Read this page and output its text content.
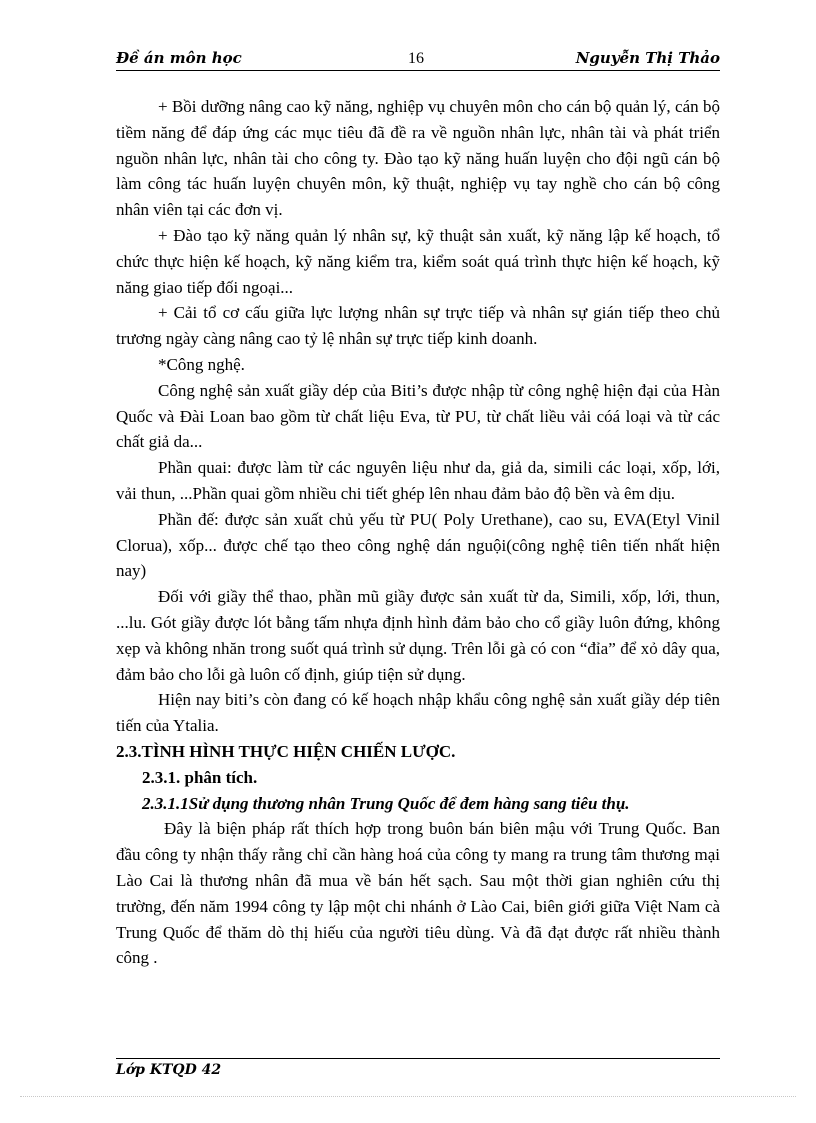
Đề án môn học	16	Nguyễn Thị Thảo

+ Bồi dưỡng nâng cao kỹ năng, nghiệp vụ chuyên môn cho cán bộ quản lý, cán bộ tiềm năng để đáp ứng các mục tiêu đã đề ra về nguồn nhân lực, nhân tài và phát triển nguồn nhân lực, nhân tài cho công ty. Đào tạo kỹ năng huấn luyện cho đội ngũ cán bộ làm công tác huấn luyện chuyên môn, kỹ thuật, nghiệp vụ tay nghề cho cán bộ công nhân viên tại các đơn vị.

+ Đào tạo kỹ năng quản lý nhân sự, kỹ thuật sản xuất, kỹ năng lập kế hoạch, tổ chức thực hiện kế hoạch, kỹ năng kiểm tra, kiểm soát quá trình thực hiện kế hoạch, kỹ năng giao tiếp đối ngoại...

+ Cải tổ cơ cấu giữa lực lượng nhân sự trực tiếp và nhân sự gián tiếp theo chủ trương ngày càng nâng cao tỷ lệ nhân sự trực tiếp kinh doanh.

*Công nghệ.

Công nghệ sản xuất giầy dép của Biti’s được nhập từ công nghệ hiện đại của Hàn Quốc và Đài Loan bao gồm từ chất liệu Eva, từ PU, từ chất liều vải cóá loại và từ các chất giả da...

Phần quai: được làm từ các nguyên liệu như da, giả da, simili các loại, xốp, lới, vải thun, ...Phần quai gồm nhiều chi tiết ghép lên nhau đảm bảo độ bền và êm dịu.

Phần đế: được sản xuất chủ yếu từ PU( Poly Urethane), cao su, EVA(Etyl Vinil Clorua), xốp... được chế tạo theo công nghệ dán nguội(công nghệ tiên tiến nhất hiện nay)

Đối với giầy thể thao, phần mũ giầy được sản xuất từ da, Simili, xốp, lới, thun, ...lu. Gót giầy được lót bằng tấm nhựa định hình đảm bảo cho cổ giầy luôn đứng, không xẹp và không nhăn trong suốt quá trình sử dụng. Trên lỗi gà có con “đỉa” để xỏ dây qua, đảm bảo cho lỗi gà luôn cố định, giúp tiện sử dụng.

Hiện nay biti’s còn đang có kế hoạch nhập khẩu công nghệ sản xuất giầy dép tiên tiến của Ytalia.

2.3.TÌNH HÌNH THỰC HIỆN CHIẾN LƯỢC.

2.3.1. phân tích.

2.3.1.1Sử dụng thương nhân Trung Quốc để đem hàng sang tiêu thụ.

Đây là biện pháp rất thích hợp trong buôn bán biên mậu với Trung Quốc. Ban đầu công ty nhận thấy rằng chỉ cần hàng hoá của công ty mang ra trung tâm thương mại Lào Cai là thương nhân đã mua về bán hết sạch. Sau một thời gian nghiên cứu thị trường, đến năm 1994 công ty lập một chi nhánh ở Lào Cai, biên giới giữa Việt Nam cà Trung Quốc để thăm dò thị hiếu của người tiêu dùng. Và đã đạt được rất nhiều thành công .

Lớp KTQD 42
